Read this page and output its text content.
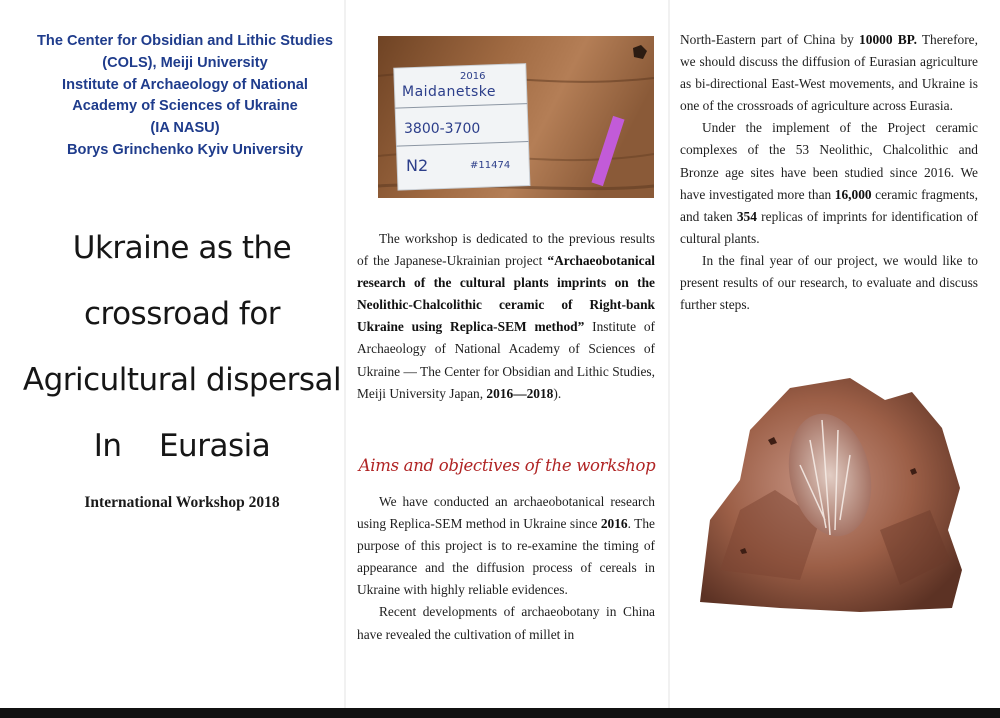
The Center for Obsidian and Lithic Studies
(COLS), Meiji University
Institute of Archaeology of National
Academy of Sciences of Ukraine
(IA NASU)
Borys Grinchenko Kyiv University
Ukraine as the
crossroad for
Agricultural dispersal
In    Eurasia
International Workshop 2018
2016
Maidanetske
3800-3700
N2	#11474

The workshop is dedicated to the previous results of the Japanese-Ukrainian project “Archaeobotanical research of the cultural plants imprints on the Neolithic-Chalcolithic ceramic of Right-bank Ukraine using Replica-SEM method” Institute of Archaeology of National Academy of Sciences of Ukraine — The Center for Obsidian and Lithic Studies, Meiji University Japan, 2016—2018).

Aims and objectives of the workshop

We have conducted an archaeobotanical research using Replica-SEM method in Ukraine since 2016. The purpose of this project is to re-examine the timing of appearance and the diffusion process of cereals in Ukraine with highly reliable evidences.

Recent developments of archaeobotany in China have revealed the cultivation of millet in

North-Eastern part of China by 10000 BP. Therefore, we should discuss the diffusion of Eurasian agriculture as bi-directional East-West movements, and Ukraine is one of the crossroads of agriculture across Eurasia.

Under the implement of the Project ceramic complexes of the 53 Neolithic, Chalcolithic and Bronze age sites have been studied since 2016. We have investigated more than 16,000 ceramic fragments, and taken 354 replicas of imprints for identification of cultural plants.

In the final year of our project, we would like to present results of our research, to evaluate and discuss further steps.
